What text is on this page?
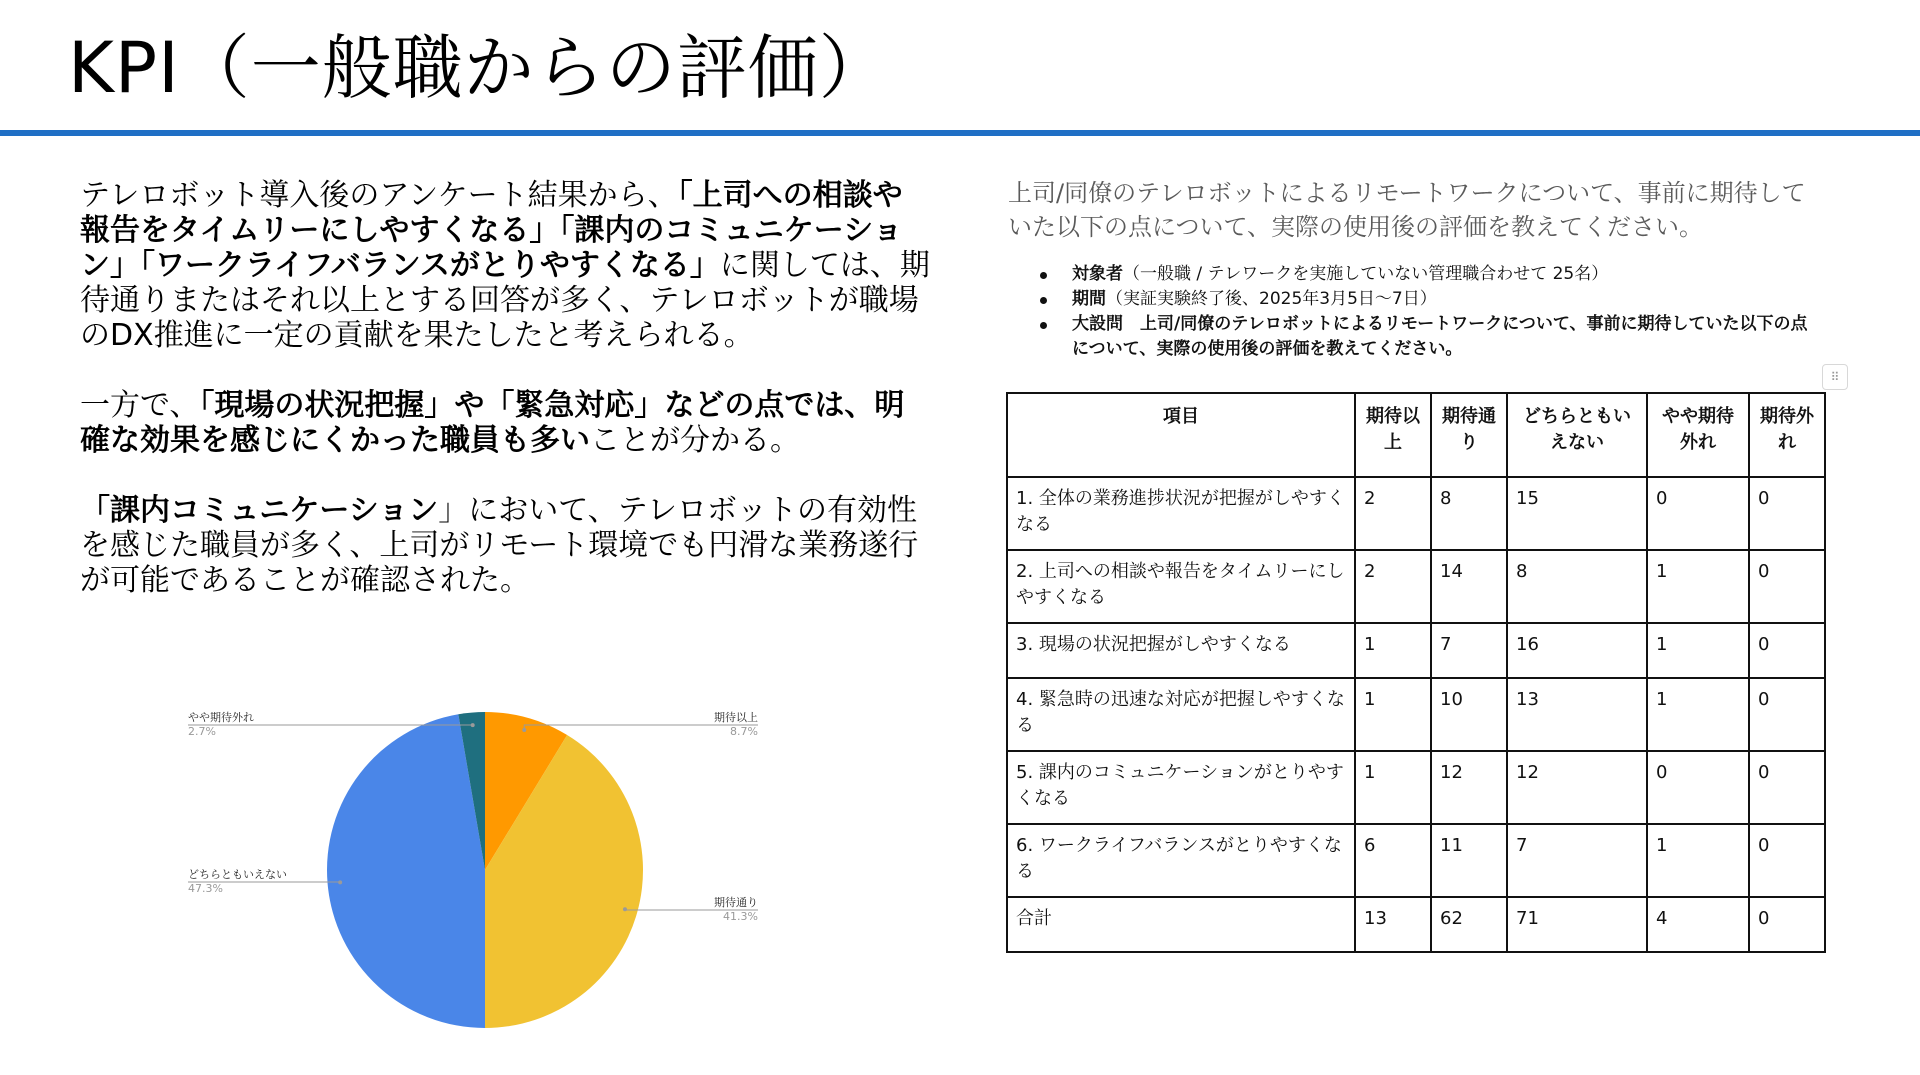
KPI（一般職からの評価）

テレロボット導入後のアンケート結果から、「上司への相談や報告をタイムリーにしやすくなる」「課内のコミュニケーション」「ワークライフバランスがとりやすくなる」に関しては、期待通りまたはそれ以上とする回答が多く、テレロボットが職場のDX推進に一定の貢献を果たしたと考えられる。

一方で、「現場の状況把握」や「緊急対応」などの点では、明確な効果を感じにくかった職員も多いことが分かる。

「課内コミュニケーション」において、テレロボットの有効性を感じた職員が多く、上司がリモート環境でも円滑な業務遂行が可能であることが確認された。

やや期待外れ
2.7%
期待以上
8.7%
どちらともいえない
47.3%
期待通り
41.3%
上司/同僚のテレロボットによるリモートワークについて、事前に期待していた以下の点について、実際の使用後の評価を教えてください。
対象者（一般職 / テレワークを実施していない管理職合わせて 25名）
期間（実証実験終了後、2025年3月5日〜7日）
大設問　上司/同僚のテレロボットによるリモートワークについて、事前に期待していた以下の点について、実際の使用後の評価を教えてください。
⠿
項目	期待以上	期待通り	どちらともいえない	やや期待外れ	期待外れ
1. 全体の業務進捗状況が把握がしやすくなる	2	8	15	0	0
2. 上司への相談や報告をタイムリーにしやすくなる	2	14	8	1	0
3. 現場の状況把握がしやすくなる	1	7	16	1	0
4. 緊急時の迅速な対応が把握しやすくなる	1	10	13	1	0
5. 課内のコミュニケーションがとりやすくなる	1	12	12	0	0
6. ワークライフバランスがとりやすくなる	6	11	7	1	0
合計	13	62	71	4	0
